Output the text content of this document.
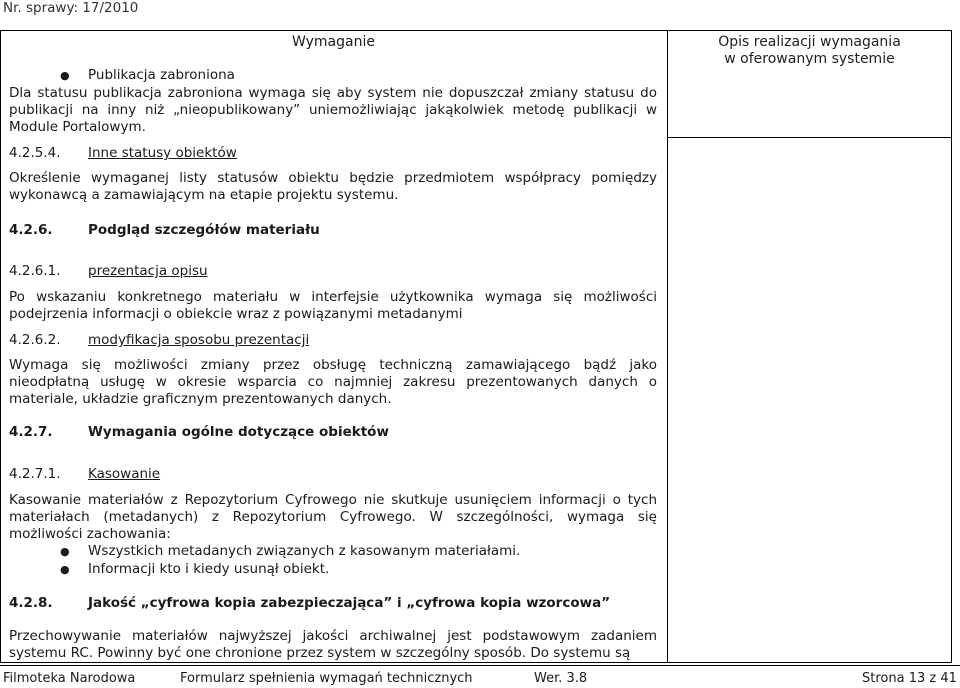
Nr. sprawy: 17/2010
Wymaganie	Opis realizacji wymagania
w oferowanym systemie
● Publikacja zabroniona
Dla statusu publikacja zabroniona wymaga się aby system nie dopuszczał zmiany statusu do publikacji na inny niż „nieopublikowany” uniemożliwiając jakąkolwiek metodę publikacji w Module Portalowym.
4.2.5.4. Inne statusy obiektów
Określenie wymaganej listy statusów obiektu będzie przedmiotem współpracy pomiędzy wykonawcą a zamawiającym na etapie projektu systemu.
4.2.6.	Podgląd szczegółów materiału
4.2.6.1. prezentacja opisu
Po wskazaniu konkretnego materiału w interfejsie użytkownika wymaga się możliwości podejrzenia informacji o obiekcie wraz z powiązanymi metadanymi
4.2.6.2. modyfikacja sposobu prezentacji
Wymaga się możliwości zmiany przez obsługę techniczną zamawiającego bądź jako nieodpłatną usługę w okresie wsparcia co najmniej zakresu prezentowanych danych o materiale, układzie graficznym prezentowanych danych.
4.2.7.	Wymagania ogólne dotyczące obiektów
4.2.7.1. Kasowanie
Kasowanie materiałów z Repozytorium Cyfrowego nie skutkuje usunięciem informacji o tych materiałach (metadanych) z Repozytorium Cyfrowego. W szczególności, wymaga się możliwości zachowania:
● Wszystkich metadanych związanych z kasowanym materiałami.
● Informacji kto i kiedy usunął obiekt.
4.2.8.	Jakość „cyfrowa kopia zabezpieczająca” i „cyfrowa kopia wzorcowa”
Przechowywanie materiałów najwyższej jakości archiwalnej jest podstawowym zadaniem systemu RC. Powinny być one chronione przez system w szczególny sposób. Do systemu są
Filmoteka Narodowa	Formularz spełnienia wymagań technicznych	Wer. 3.8	Strona 13 z 41
